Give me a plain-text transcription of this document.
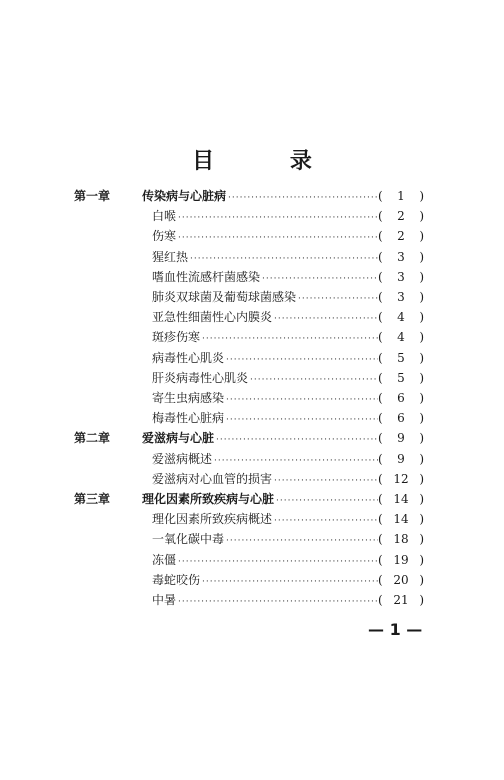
目 录
第一章	传染病与心脏病 ·····	(	1	)
白喉 ·····	(	2	)
伤寒 ·····	(	2	)
猩红热 ·····	(	3	)
嗜血性流感杆菌感染 ·····	(	3	)
肺炎双球菌及葡萄球菌感染 ·····	(	3	)
亚急性细菌性心内膜炎 ·····	(	4	)
斑疹伤寒 ·····	(	4	)
病毒性心肌炎 ·····	(	5	)
肝炎病毒性心肌炎 ·····	(	5	)
寄生虫病感染 ·····	(	6	)
梅毒性心脏病 ·····	(	6	)
第二章	爱滋病与心脏 ·····	(	9	)
爱滋病概述 ·····	(	9	)
爱滋病对心血管的损害 ·····	( 12 )
第三章	理化因素所致疾病与心脏 ·····	( 14 )
理化因素所致疾病概述 ·····	( 14 )
一氧化碳中毒 ·····	( 18 )
冻僵 ·····	( 19 )
毒蛇咬伤 ·····	( 20 )
中暑 ·····	( 21 )
— 1 —
